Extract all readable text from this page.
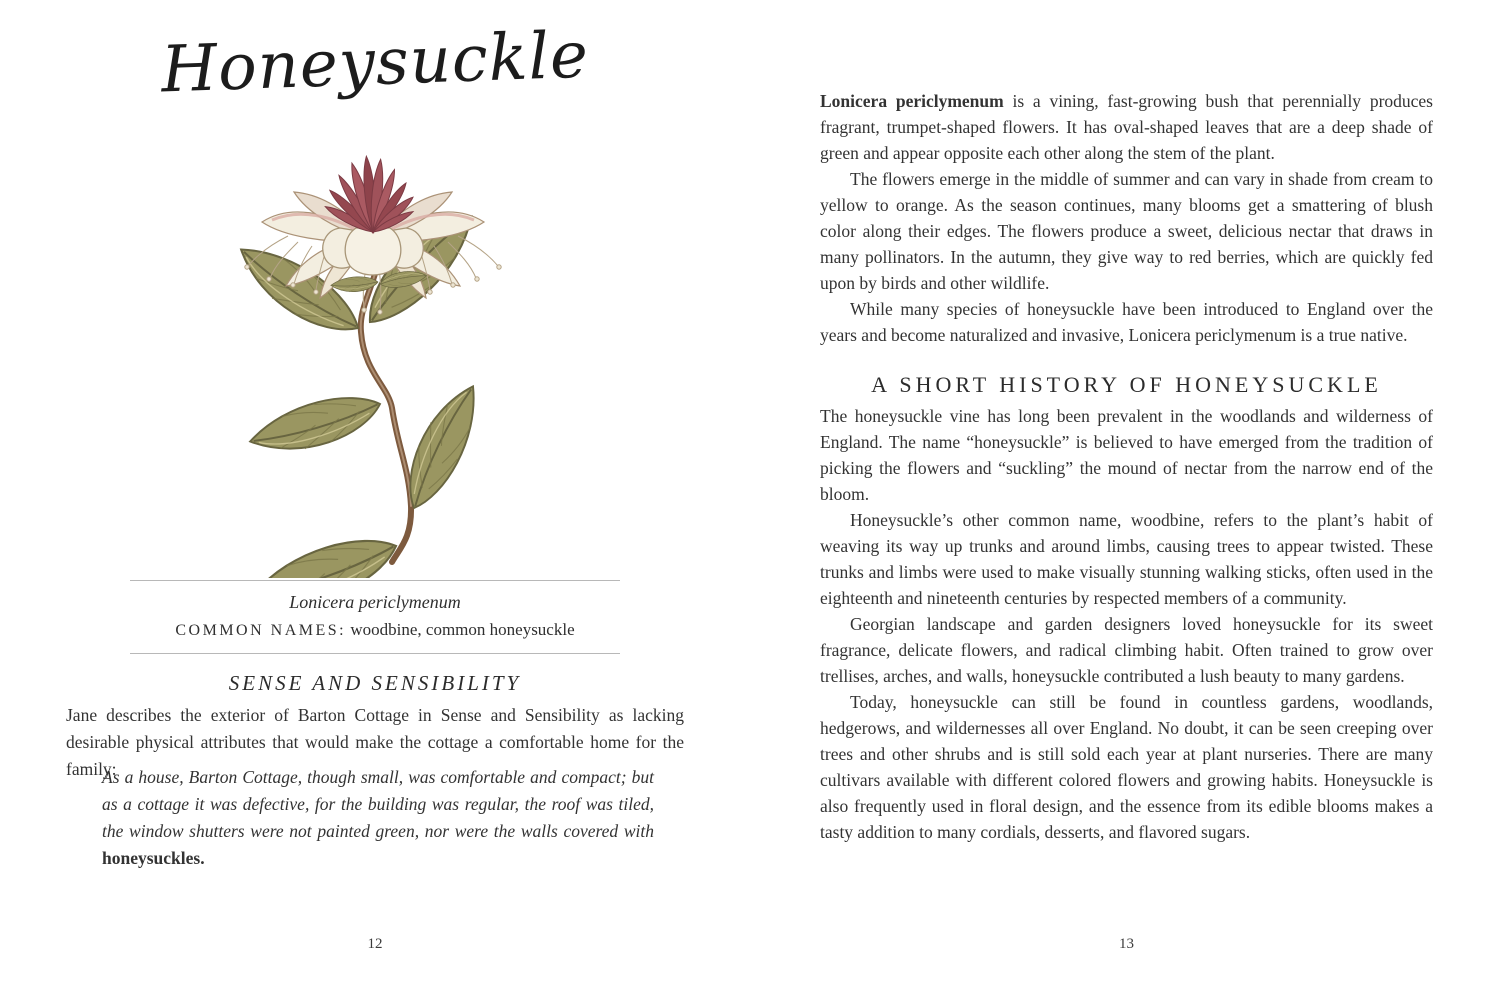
Honeysuckle
Lonicera periclymenum
COMMON NAMES: woodbine, common honeysuckle
SENSE AND SENSIBILITY
Jane describes the exterior of Barton Cottage in Sense and Sensibility as lacking desirable physical attributes that would make the cottage a comfortable home for the family:
As a house, Barton Cottage, though small, was comfortable and compact; but as a cottage it was defective, for the building was regular, the roof was tiled, the window shutters were not painted green, nor were the walls covered with honeysuckles.
12

Lonicera periclymenum is a vining, fast-growing bush that perennially produces fragrant, trumpet-shaped flowers. It has oval-shaped leaves that are a deep shade of green and appear opposite each other along the stem of the plant.

The flowers emerge in the middle of summer and can vary in shade from cream to yellow to orange. As the season continues, many blooms get a smattering of blush color along their edges. The flowers produce a sweet, delicious nectar that draws in many pollinators. In the autumn, they give way to red berries, which are quickly fed upon by birds and other wildlife.

While many species of honeysuckle have been introduced to England over the years and become naturalized and invasive, Lonicera periclymenum is a true native.

A SHORT HISTORY OF HONEYSUCKLE

The honeysuckle vine has long been prevalent in the woodlands and wilderness of England. The name “honeysuckle” is believed to have emerged from the tradition of picking the flowers and “suckling” the mound of nectar from the narrow end of the bloom.

Honeysuckle’s other common name, woodbine, refers to the plant’s habit of weaving its way up trunks and around limbs, causing trees to appear twisted. These trunks and limbs were used to make visually stunning walking sticks, often used in the eighteenth and nineteenth centuries by respected members of a community.

Georgian landscape and garden designers loved honeysuckle for its sweet fragrance, delicate flowers, and radical climbing habit. Often trained to grow over trellises, arches, and walls, honeysuckle contributed a lush beauty to many gardens.

Today, honeysuckle can still be found in countless gardens, woodlands, hedgerows, and wildernesses all over England. No doubt, it can be seen creeping over trees and other shrubs and is still sold each year at plant nurseries. There are many cultivars available with different colored flowers and growing habits. Honeysuckle is also frequently used in floral design, and the essence from its edible blooms makes a tasty addition to many cordials, desserts, and flavored sugars.

13
